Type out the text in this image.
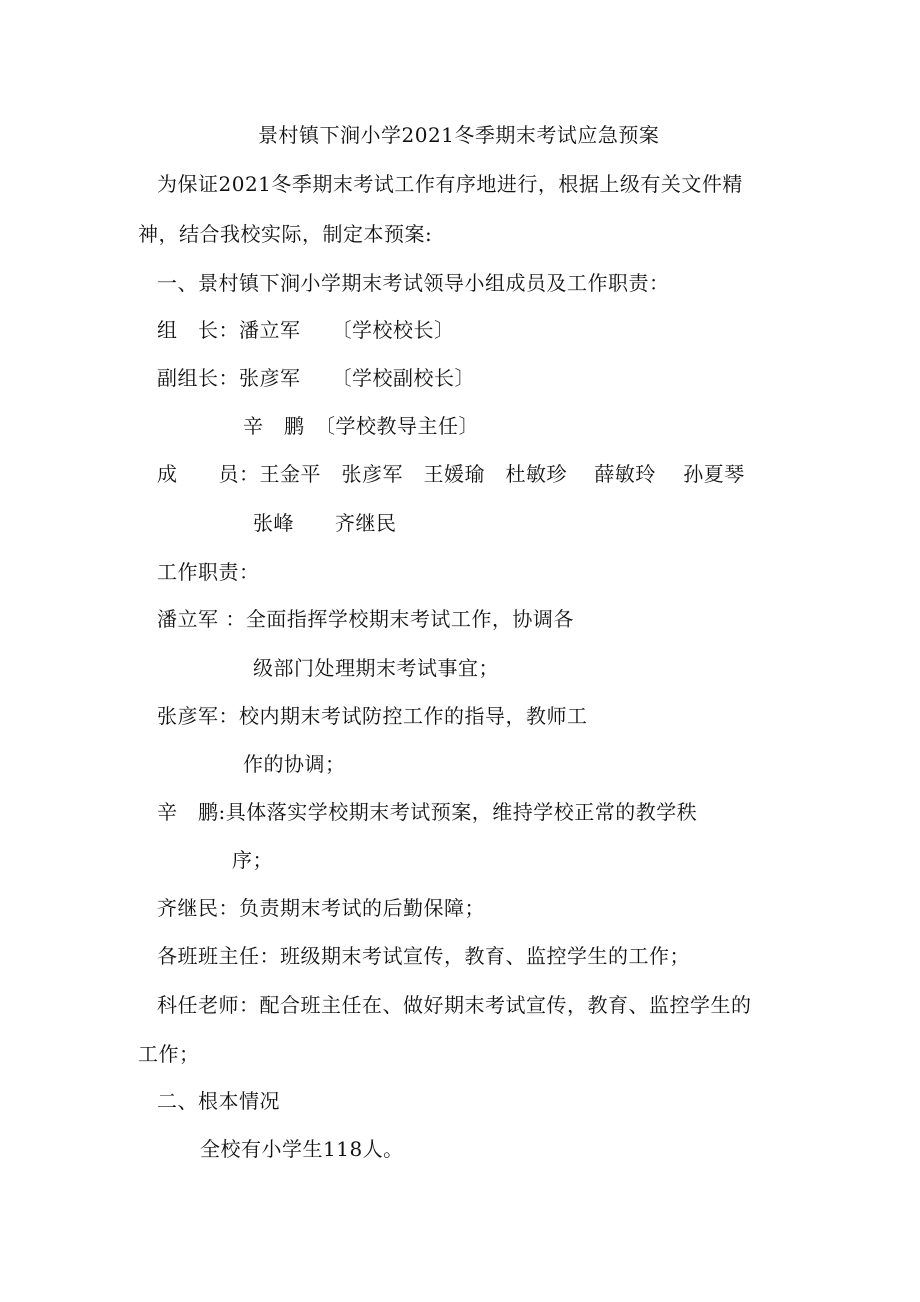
景村镇下涧小学2021冬季期末考试应急预案
为保证2021冬季期末考试工作有序地进行，根据上级有关文件精
神，结合我校实际，制定本预案:
一、景村镇下涧小学期末考试领导小组成员及工作职责：
组　长：潘立军　　〔学校校长〕
副组长：张彦军　　〔学校副校长〕
辛　鹏　〔学校教导主任〕
成　　员：王金平　张彦军　王媛瑜　杜敏珍　 薛敏玲　 孙夏琴
张峰　　齐继民
工作职责：
潘立军 ：全面指挥学校期末考试工作，协调各
级部门处理期末考试事宜；
张彦军：校内期末考试防控工作的指导，教师工
作的协调；
辛　鹏:具体落实学校期末考试预案，维持学校正常的教学秩
序；
齐继民：负责期末考试的后勤保障；
各班班主任：班级期末考试宣传，教育、监控学生的工作；
科任老师：配合班主任在、做好期末考试宣传，教育、监控学生的
工作；
二、根本情况
全校有小学生118人。
